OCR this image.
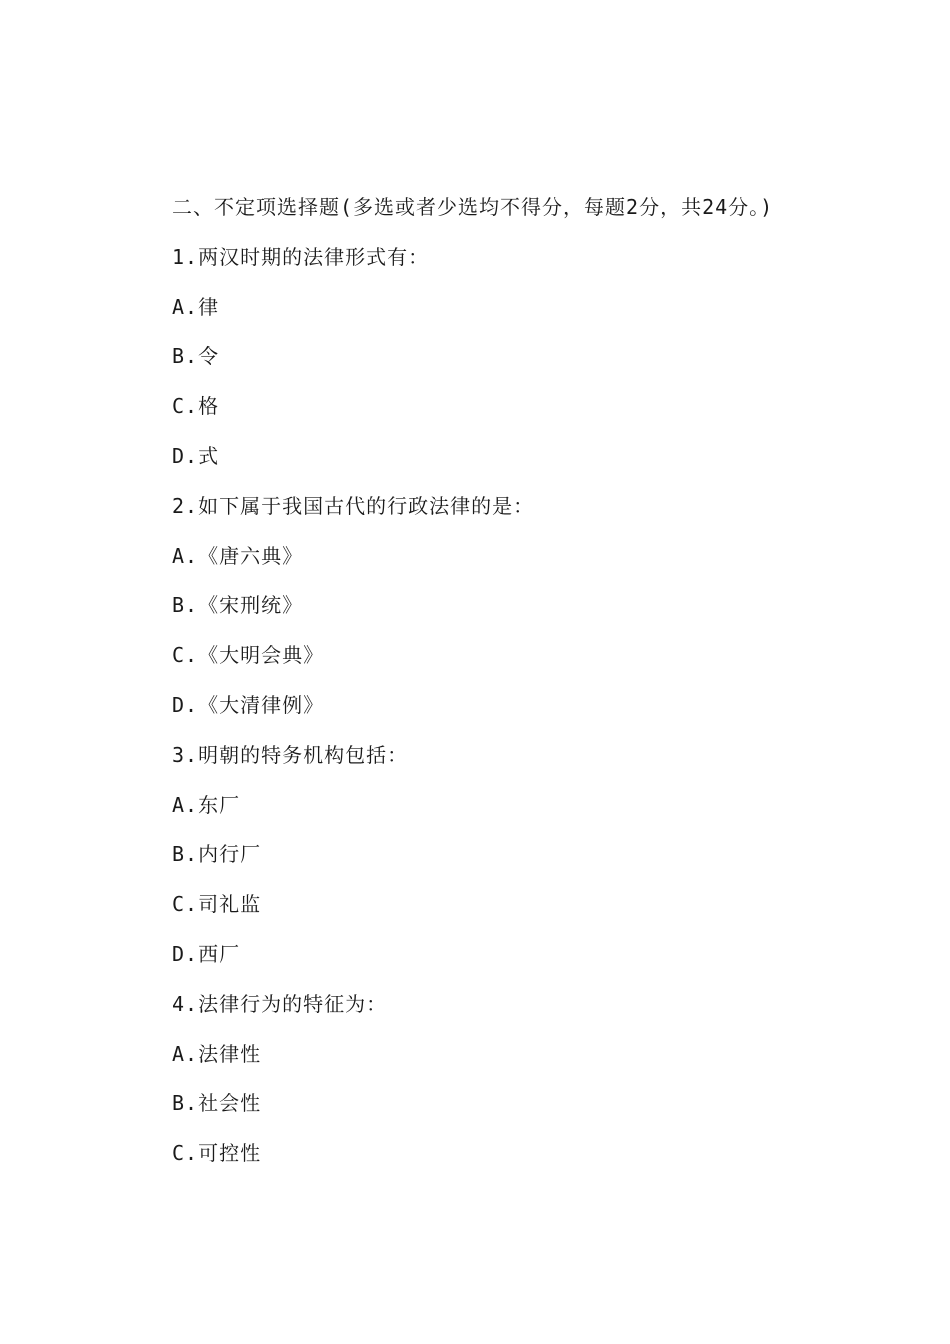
二、不定项选择题(多选或者少选均不得分，每题2分，共24分。)
1.两汉时期的法律形式有：
A.律
B.令
C.格
D.式
2.如下属于我国古代的行政法律的是：
A.《唐六典》
B.《宋刑统》
C.《大明会典》
D.《大清律例》
3.明朝的特务机构包括：
A.东厂
B.内行厂
C.司礼监
D.西厂
4.法律行为的特征为：
A.法律性
B.社会性
C.可控性
